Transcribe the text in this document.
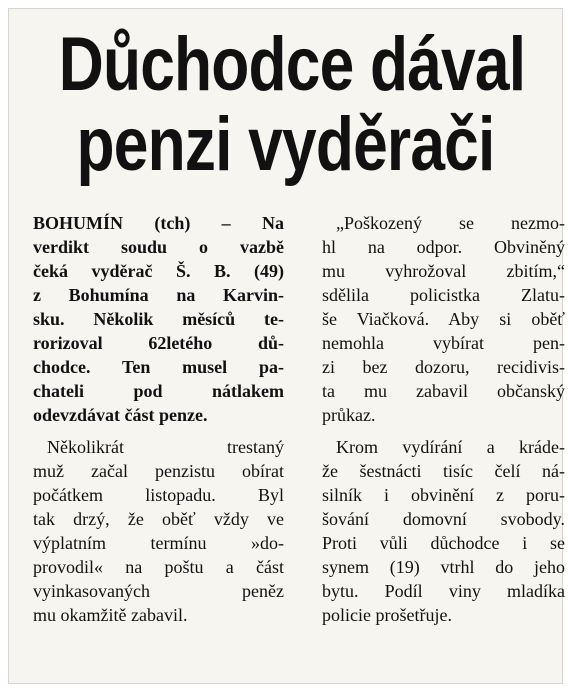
Důchodce dával
penzi vyděrači
BOHUMÍN (tch) – Na
verdikt soudu o vazbě
čeká vyděrač Š. B. (49)
z Bohumína na Karvin-
sku. Několik měsíců te-
rorizoval 62letého dů-
chodce. Ten musel pa-
chateli pod nátlakem
odevzdávat část penze.
Několikrát trestaný
muž začal penzistu obírat
počátkem listopadu. Byl
tak drzý, že oběť vždy ve
výplatním termínu »do-
provodil« na poštu a část
vyinkasovaných peněz
mu okamžitě zabavil.
„Poškozený se nezmo-
hl na odpor. Obviněný
mu vyhrožoval zbitím,“
sdělila policistka Zlatu-
še Viačková. Aby si oběť
nemohla vybírat pen-
zi bez dozoru, recidivis-
ta mu zabavil občanský
průkaz.
Krom vydírání a kráde-
že šestnácti tisíc čelí ná-
silník i obvinění z poru-
šování domovní svobody.
Proti vůli důchodce i se
synem (19) vtrhl do jeho
bytu. Podíl viny mladíka
policie prošetřuje.
